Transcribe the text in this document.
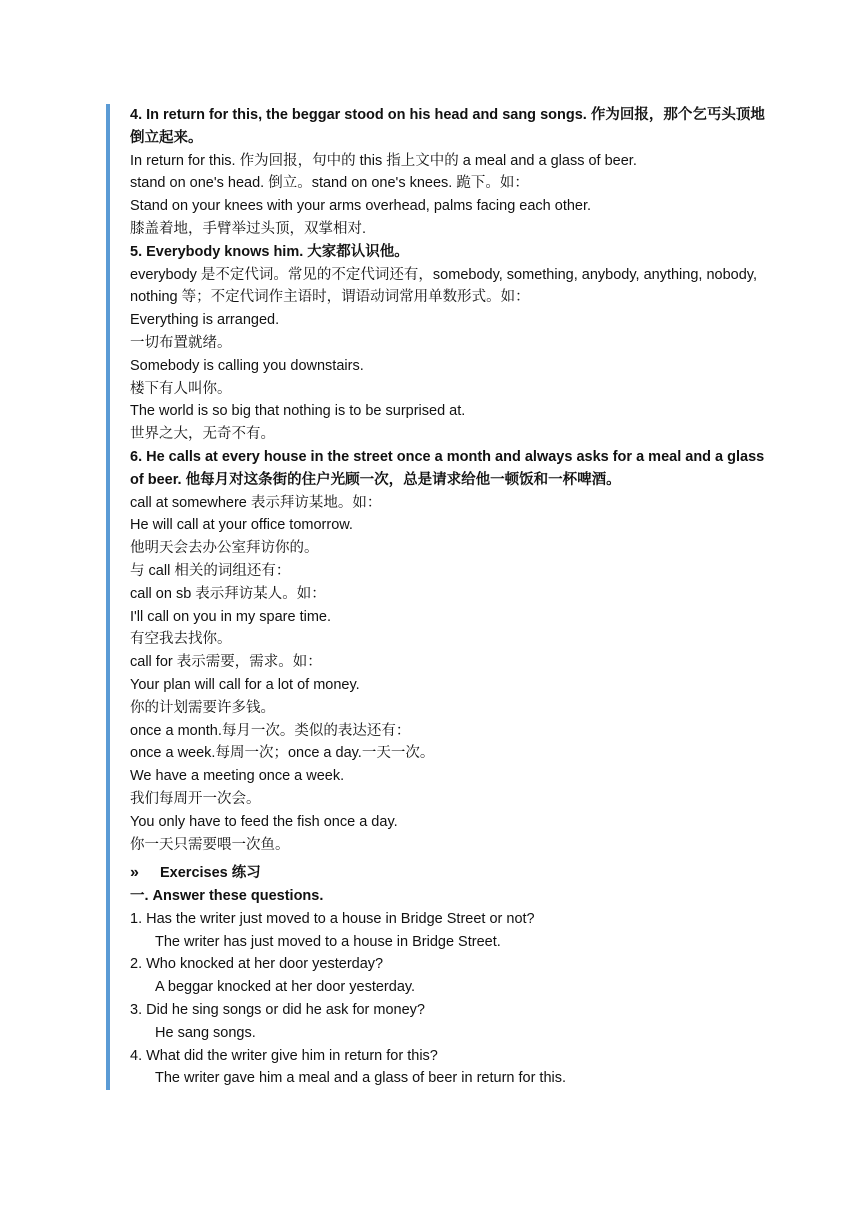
4. In return for this, the beggar stood on his head and sang songs. 作为回报，那个乞丐头顶地倒立起来。
In return for this. 作为回报，句中的 this 指上文中的 a meal and a glass of beer.
stand on one's head. 倒立。stand on one's knees. 跪下。如：
Stand on your knees with your arms overhead, palms facing each other.
膝盖着地，手臂举过头顶，双掌相对.
5. Everybody knows him. 大家都认识他。
everybody 是不定代词。常见的不定代词还有，somebody, something, anybody, anything, nobody, nothing 等；不定代词作主语时，谓语动词常用单数形式。如：
Everything is arranged.
一切布置就绪。
Somebody is calling you downstairs.
楼下有人叫你。
The world is so big that nothing is to be surprised at.
世界之大，无奇不有。
6. He calls at every house in the street once a month and always asks for a meal and a glass of beer. 他每月对这条街的住户光顾一次，总是请求给他一顿饭和一杯啤酒。
call at somewhere 表示拜访某地。如：
He will call at your office tomorrow.
他明天会去办公室拜访你的。
与 call 相关的词组还有：
call on sb 表示拜访某人。如：
I'll call on you in my spare time.
有空我去找你。
call for 表示需要，需求。如：
Your plan will call for a lot of money.
你的计划需要许多钱。
once a month.每月一次。类似的表达还有：
once a week.每周一次；once a day.一天一次。
We have a meeting once a week.
我们每周开一次会。
You only have to feed the fish once a day.
你一天只需要喂一次鱼。
»	Exercises 练习
一. Answer these questions.
1. Has the writer just moved to a house in Bridge Street or not?
The writer has just moved to a house in Bridge Street.
2. Who knocked at her door yesterday?
A beggar knocked at her door yesterday.
3. Did he sing songs or did he ask for money?
He sang songs.
4. What did the writer give him in return for this?
The writer gave him a meal and a glass of beer in return for this.
